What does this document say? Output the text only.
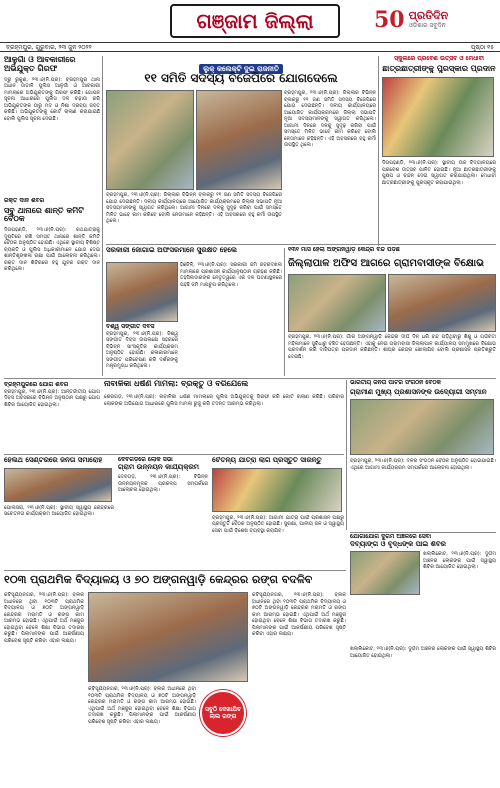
ଗଞ୍ଜାମ ଜିଲ୍ଲା	50 ପ୍ରତିଦିନ
ଓଡ଼ିଶାର ସବୁଦିନ
ବ୍ରହ୍ମପୁର, ଗୁରୁବାର, ୨୩ ଜୁନ ୨୦୨୨	ପୃଷ୍ଠା ୧୫
ଆଳୁଗାଁ ଓ ଆବକାରୀରେ ଅଭିଯୁକ୍ତ ଗିରଫ
ଦ୍ରୁ ରୁକୁଣ, ୨୩।୬(ନି.ପ୍ର): ବ୍ରହ୍ମପୁର ଥାନା ଅଧୀନ ଉଡାଳି ପୁଲିସ ଆଳୁଗାଁ ଓ ଆବକାରୀ ମାମଲାରେ ଅଭିଯୁକ୍ତଙ୍କୁ ଗିରଫ କରିଛି। ଗୋପନ ସୂଚନା ଆଧାରରେ ପୁଲିସ ଦଳ ଚଢ଼ାଉ କରି ଅଭିଯୁକ୍ତଙ୍କ ଠାରୁ ମଦ ଓ ନିଶା ଦ୍ରବ୍ୟ ଜବତ କରିଛି। ଅଭିଯୁକ୍ତଙ୍କୁ କୋର୍ଟ ଚାଲାଣ କରାଯାଇଛି ବୋଲି ପୁଲିସ ସୂଚନା ଦେଇଛି।
ରକ୍ତ ଦାନ ଶିବିର
ସବୁ ଥାନାରେ ଶାନ୍ତି କମିଟି ବୈଠକ
ଦିଗପହଣ୍ଡି, ୨୩।୬(ନି.ପ୍ର): ରଥଯାତ୍ରାକୁ ଦୃଷ୍ଟିରେ ରଖି ସମସ୍ତ ଥାନାରେ ଶାନ୍ତି କମିଟି ବୈଠକ ଅନୁଷ୍ଠିତ ହୋଇଛି। ଏଥିରେ ସ୍ଥାନୀୟ ବିଶିଷ୍ଟ ବ୍ୟକ୍ତି ଓ ପୁଲିସ ଅଧିକାରୀମାନେ ଯୋଗ ଦେଇ ଶାନ୍ତିଶୃଙ୍ଖଳା ରକ୍ଷା ପାଇଁ ଆଲୋଚନା କରିଥିଲେ। ରକ୍ତ ଦାନ ଶିବିରରେ ବହୁ ଯୁବକ ରକ୍ତ ଦାନ କରିଥିଲେ।
ଲୁକ୍ କଲେକ୍ଟି ଦୁଇ ରାଜନୀତି
୧୧ ସମିତି ସଦସ୍ୟ ବିଜେପିରେ ଯୋଗଦେଲେ
ବ୍ରହ୍ମପୁର, ୨୩।୬(ନି.ପ୍ର): ଜିଲ୍ଲାର ବିଭିନ୍ନ ବ୍ଲକରୁ ୧୧ ଜଣ ସମିତି ସଦସ୍ୟ ବିଜେପିରେ ଯୋଗ ଦେଇଛନ୍ତି। ଦଳୀୟ କାର୍ଯ୍ୟାଳୟରେ ଆୟୋଜିତ କାର୍ଯ୍ୟକ୍ରମରେ ଜିଲ୍ଲା ସଭାପତି ନୂଆ ସଦସ୍ୟମାନଙ୍କୁ ସ୍ୱାଗତ କରିଥିଲେ। ଆଗାମୀ ଦିନରେ ଦଳକୁ ସୁଦୃଢ଼ କରିବା ପାଇଁ ସମସ୍ତେ ମିଳିତ ଭାବେ କାମ କରିବେ ବୋଲି ନେତାମାନେ କହିଛନ୍ତି। ଏହି ଅବସରରେ ବହୁ କର୍ମୀ ଉପସ୍ଥିତ ଥିଲେ।
ବ୍ରହ୍ମପୁର, ୨୩।୬(ନି.ପ୍ର): ଜିଲ୍ଲାର ବିଭିନ୍ନ ବ୍ଲକରୁ ୧୧ ଜଣ ସମିତି ସଦସ୍ୟ ବିଜେପିରେ ଯୋଗ ଦେଇଛନ୍ତି। ଦଳୀୟ କାର୍ଯ୍ୟାଳୟରେ ଆୟୋଜିତ କାର୍ଯ୍ୟକ୍ରମରେ ଜିଲ୍ଲା ସଭାପତି ନୂଆ ସଦସ୍ୟମାନଙ୍କୁ ସ୍ୱାଗତ କରିଥିଲେ। ଆଗାମୀ ଦିନରେ ଦଳକୁ ସୁଦୃଢ଼ କରିବା ପାଇଁ ସମସ୍ତେ ମିଳିତ ଭାବେ କାମ କରିବେ ବୋଲି ନେତାମାନେ କହିଛନ୍ତି। ଏହି ଅବସରରେ ବହୁ କର୍ମୀ ଉପସ୍ଥିତ ଥିଲେ।
ସ୍କୁଲରେ ପ୍ରବେଶ ଉତ୍ସବ ଓ ମେଧାବୀ
ଛାତ୍ରଛାତ୍ରୀଙ୍କୁ ପୁରସ୍କାର ପ୍ରଦାନ
ଦିଗପହଣ୍ଡି, ୨୩।୬(ନି.ପ୍ର): ସ୍ଥାନୀୟ ଉଚ୍ଚ ବିଦ୍ୟାଳୟରେ ପ୍ରବେଶ ଉତ୍ସବ ପାଳିତ ହୋଇଛି। ନୂଆ ଛାତ୍ରଛାତ୍ରୀଙ୍କୁ ପୁଷ୍ପ ଓ ଚନ୍ଦନ ଦେଇ ସ୍ୱାଗତ କରାଯାଇଥିଲା। ମେଧାବୀ ଛାତ୍ରଛାତ୍ରୀଙ୍କୁ ପୁରସ୍କୃତ କରାଯାଇଥିଲା।
ସରକାରୀ ଜୋଗାଇଁ ଅଫିସରମାନେ ସୁରକ୍ଷିତ ହେଲେ
ହିଞ୍ଜିଳି, ୨୩।୬(ନି.ପ୍ର): ସରକାରୀ ଜମି ଜବରଦଖଲ ମାମଲାରେ ପ୍ରଶାସନ କାର୍ଯ୍ୟାନୁଷ୍ଠାନ ଗ୍ରହଣ କରିଛି। ତହସିଲଦାରଙ୍କ ନେତୃତ୍ୱରେ ଏକ ଦଳ ଘଟଣାସ୍ଥଳରେ ପହଞ୍ଚି ଜମି ମାପଚୁପ କରିଥିଲେ।
ବିଶ୍ୱ ସଙ୍ଗୀତ ଦିବସ
ବ୍ରହ୍ମପୁର, ୨୩।୬(ନି.ପ୍ର): ବିଶ୍ୱ ସଙ୍ଗୀତ ଦିବସ ଉପଲକ୍ଷେ ସହରରେ ବିଭିନ୍ନ ସାଂସ୍କୃତିକ କାର୍ଯ୍ୟକ୍ରମ ଅନୁଷ୍ଠିତ ହୋଇଛି। କଳାକାରମାନେ ସଙ୍ଗୀତ ପରିବେଷଣ କରି ଦର୍ଶକଙ୍କୁ ମନ୍ତ୍ରମୁଗ୍ଧ କରିଥିଲେ।
୧୩୧ ମାସ ହେଲା ଅଙ୍ଗନୱାଡ଼ି କେନ୍ଦ୍ର ବନ୍ଦ ପଡ଼ିଛି
ଜିଲ୍ଲାପାଳ ଅଫିସ ଆଗରେ ଗ୍ରାମବାସୀଙ୍କ ବିକ୍ଷୋଭ
ବ୍ରହ୍ମପୁର, ୨୩।୬(ନି.ପ୍ର): ଗାଁର ଅଙ୍ଗନୱାଡ଼ି କେନ୍ଦ୍ର ଦୀର୍ଘ ଦିନ ଧରି ବନ୍ଦ ପଡ଼ିଥିବାରୁ ଶିଶୁ ଓ ଗର୍ଭବତୀ ମହିଳାମାନେ ସୁବିଧାରୁ ବଞ୍ଚିତ ହେଉଛନ୍ତି। ଏହାକୁ ନେଇ ଗ୍ରାମବାସୀ ଜିଲ୍ଲାପାଳ କାର୍ଯ୍ୟାଳୟ ସମ୍ମୁଖରେ ବିକ୍ଷୋଭ ପ୍ରଦର୍ଶନ କରି ଦାବିପତ୍ର ପ୍ରଦାନ କରିଛନ୍ତି। ଶୀଘ୍ର କେନ୍ଦ୍ର ଖୋଲାଯିବ ବୋଲି ପ୍ରଶାସନ ପ୍ରତିଶ୍ରୁତି ଦେଇଛି।
ବ୍ରହ୍ମପୁରରେ ଯୋଗ ଶିବିର
ବ୍ରହ୍ମପୁର, ୨୩।୬(ନି.ପ୍ର): ଆନ୍ତର୍ଜାତୀୟ ଯୋଗ ଦିବସ ଅବସରରେ ବିଭିନ୍ନ ଅନୁଷ୍ଠାନ ପକ୍ଷରୁ ଯୋଗ ଶିବିର ଆୟୋଜିତ ହୋଇଥିଲା।
ନାବାଳିକା ଧର୍ଷଣ ମାମଲା: ବ୍ରକ୍ତୁ ଓ ବରିଯେଲେ
ଶେରଗଡ଼, ୨୩।୬(ନି.ପ୍ର): ନାବାଳିକା ଧର୍ଷଣ ମାମଲାରେ ପୁଲିସ ଅଭିଯୁକ୍ତକୁ ଗିରଫ କରି କୋର୍ଟ ଚାଲାଣ କରିଛି। ପରିବାର ଲୋକଙ୍କ ଅଭିଯୋଗ ଆଧାରରେ ପୁଲିସ ମାମଲା ରୁଜୁ କରି ତଦନ୍ତ ଆରମ୍ଭ କରିଥିଲା।
ଭାରତୀୟ ଜନତା ପାର୍ଟିର ସଂଗଠନ ବୈଠକ
ଗ୍ରାମୀଣ ମୁଖ୍ୟ ପ୍ରଶାସନଙ୍କ ଉଦ୍ୟୋଗୀ ସମ୍ମାନ
ବ୍ରହ୍ମପୁର, ୨୩।୬(ନି.ପ୍ର): ଦଳର ସଂଗଠନ ବୈଠକ ଅନୁଷ୍ଠିତ ହୋଇଯାଇଛି। ଏଥିରେ ଆଗାମୀ କାର୍ଯ୍ୟକ୍ରମ ସମ୍ପର୍କରେ ଆଲୋଚନା ହୋଇଥିଲା।
ହେଲଥ ସେଣ୍ଟରରେ ଜନତା ସମାରୋହ
ପୋଲସରା, ୨୩।୬(ନି.ପ୍ର): ସ୍ଥାନୀୟ ସ୍ୱାସ୍ଥ୍ୟ କେନ୍ଦ୍ରରେ ସଚେତନତା କାର୍ଯ୍ୟକ୍ରମ ଆୟୋଜିତ ହୋଇଥିଲା।
ଦେବଗଡ଼ରେ ଲୋକ ସଭା
ଗ୍ରାମ ଉନ୍ନୟନ କାର୍ଯ୍ୟକ୍ରମ
ଦେବଗଡ଼, ୨୩।୬(ନି.ପ୍ର): ବିଭିନ୍ନ ଉନ୍ନୟନମୂଳକ ପ୍ରକଳ୍ପ ସମ୍ପର୍କରେ ଆଲୋଚନା ହୋଇଥିଲା।
ଚୈତନ୍ୟ ଯାତ୍ରା ଲାଗି ପ୍ରସ୍ତୁତି ସାରନ୍ତୁ
ବ୍ରହ୍ମପୁର, ୨୩।୬(ନି.ପ୍ର): ଆଗାମୀ ଯାତ୍ରା ପାଇଁ ପ୍ରଶାସନ ପକ୍ଷରୁ ପ୍ରସ୍ତୁତି ବୈଠକ ଅନୁଷ୍ଠିତ ହୋଇଛି। ସୁରକ୍ଷା, ପାନୀୟ ଜଳ ଓ ସ୍ୱାସ୍ଥ୍ୟ ସେବା ପାଇଁ ବିଶେଷ ବ୍ୟବସ୍ଥା କରାଯିବ।
ଯୋଗାଯୋଗ ଦୁର୍ଗମ ଅଞ୍ଚଳରେ ସେବା
ଦିବ୍ୟାଙ୍ଗ ଓ ବୃଦ୍ଧଙ୍କ ପାଇଁ ଶିବିର
ଖଲ୍ଲିକୋଟ, ୨୩।୬(ନି.ପ୍ର): ଦୁର୍ଗମ ଅଞ୍ଚଳର ଲୋକଙ୍କ ପାଇଁ ସ୍ୱାସ୍ଥ୍ୟ ଶିବିର ଆୟୋଜିତ ହୋଇଥିଲା।
୧୦୩ ପ୍ରାଥମିକ ବିଦ୍ୟାଳୟ ଓ ୭୦ ଅଙ୍ଗନୱାଡ଼ି କେନ୍ଦ୍ରର ରଙ୍ଗ ବଦଳିବ
କବିସୂର୍ଯ୍ୟନଗର, ୨୩।୬(ନି.ପ୍ର): ବ୍ଲକ ଅଧୀନରେ ଥିବା ୧୦୩ଟି ପ୍ରାଥମିକ ବିଦ୍ୟାଳୟ ଓ ୭୦ଟି ଅଙ୍ଗନୱାଡ଼ି କେନ୍ଦ୍ରର ମରାମତି ଓ ରଙ୍ଗ କାମ ଆରମ୍ଭ ହୋଇଛି। ଏଥିପାଇଁ ଅର୍ଥ ମଞ୍ଜୁର ହୋଇଥିବା ବେଳେ ଶିକ୍ଷା ବିଭାଗ ତଦାରଖ କରୁଛି। ପିଲାମାନଙ୍କ ପାଇଁ ଆକର୍ଷଣୀୟ ପରିବେଶ ସୃଷ୍ଟି କରିବା ଏହାର ଲକ୍ଷ୍ୟ।
ସବୁଠି ଦେଖାଯିବ ଲାଲ ରଙ୍ଗ
କବିସୂର୍ଯ୍ୟନଗର, ୨୩।୬(ନି.ପ୍ର): ବ୍ଲକ ଅଧୀନରେ ଥିବା ୧୦୩ଟି ପ୍ରାଥମିକ ବିଦ୍ୟାଳୟ ଓ ୭୦ଟି ଅଙ୍ଗନୱାଡ଼ି କେନ୍ଦ୍ରର ମରାମତି ଓ ରଙ୍ଗ କାମ ଆରମ୍ଭ ହୋଇଛି। ଏଥିପାଇଁ ଅର୍ଥ ମଞ୍ଜୁର ହୋଇଥିବା ବେଳେ ଶିକ୍ଷା ବିଭାଗ ତଦାରଖ କରୁଛି। ପିଲାମାନଙ୍କ ପାଇଁ ଆକର୍ଷଣୀୟ ପରିବେଶ ସୃଷ୍ଟି କରିବା ଏହାର ଲକ୍ଷ୍ୟ।
କବିସୂର୍ଯ୍ୟନଗର, ୨୩।୬(ନି.ପ୍ର): ବ୍ଲକ ଅଧୀନରେ ଥିବା ୧୦୩ଟି ପ୍ରାଥମିକ ବିଦ୍ୟାଳୟ ଓ ୭୦ଟି ଅଙ୍ଗନୱାଡ଼ି କେନ୍ଦ୍ରର ମରାମତି ଓ ରଙ୍ଗ କାମ ଆରମ୍ଭ ହୋଇଛି। ଏଥିପାଇଁ ଅର୍ଥ ମଞ୍ଜୁର ହୋଇଥିବା ବେଳେ ଶିକ୍ଷା ବିଭାଗ ତଦାରଖ କରୁଛି। ପିଲାମାନଙ୍କ ପାଇଁ ଆକର୍ଷଣୀୟ ପରିବେଶ ସୃଷ୍ଟି କରିବା ଏହାର ଲକ୍ଷ୍ୟ।
ଖଲ୍ଲିକୋଟ, ୨୩।୬(ନି.ପ୍ର): ଦୁର୍ଗମ ଅଞ୍ଚଳର ଲୋକଙ୍କ ପାଇଁ ସ୍ୱାସ୍ଥ୍ୟ ଶିବିର ଆୟୋଜିତ ହୋଇଥିଲା।
